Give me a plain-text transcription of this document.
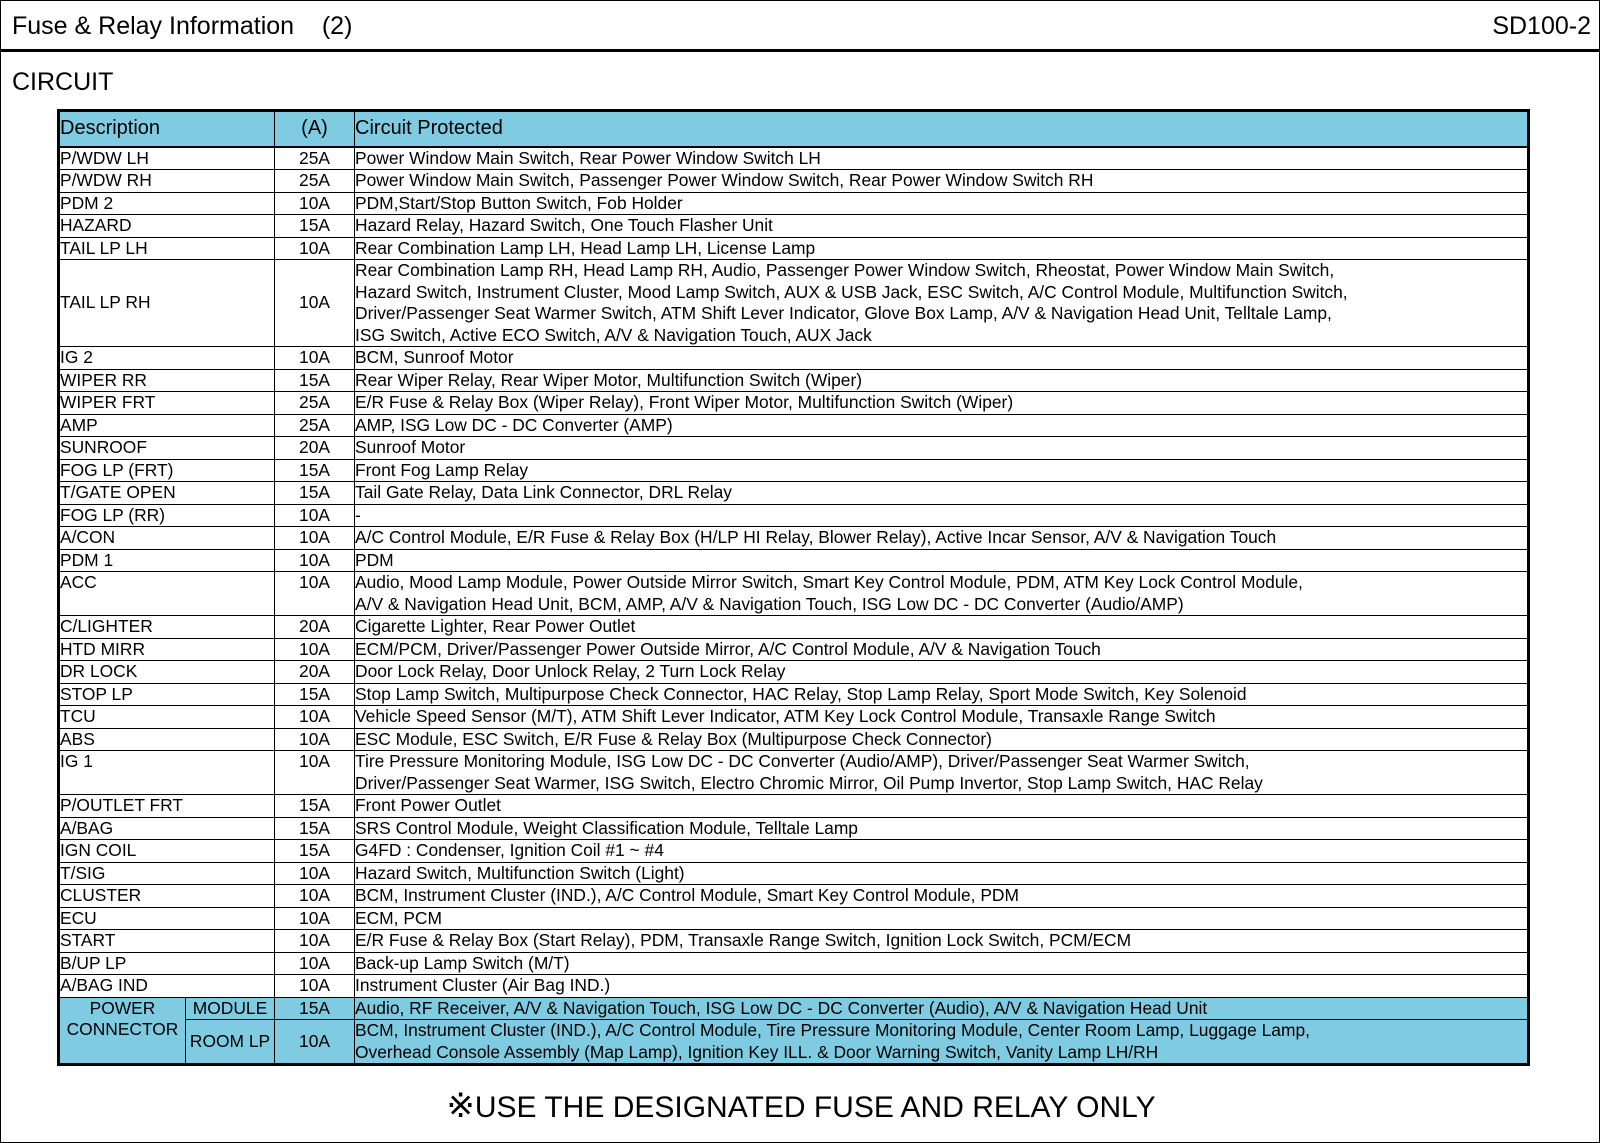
Fuse & Relay Information    (2)	SD100-2
CIRCUIT
Description		(A)	Circuit Protected
P/WDW LH		25A	Power Window Main Switch, Rear Power Window Switch LH

P/WDW RH		25A	Power Window Main Switch, Passenger Power Window Switch, Rear Power Window Switch RH

PDM 2		10A	PDM,Start/Stop Button Switch, Fob Holder

HAZARD		15A	Hazard Relay, Hazard Switch, One Touch Flasher Unit

TAIL LP LH		10A	Rear Combination Lamp LH, Head Lamp LH, License Lamp

TAIL LP RH		10A	Rear Combination Lamp RH, Head Lamp RH, Audio, Passenger Power Window Switch, Rheostat, Power Window Main Switch,
Hazard Switch, Instrument Cluster, Mood Lamp Switch, AUX & USB Jack, ESC Switch, A/C Control Module, Multifunction Switch,
Driver/Passenger Seat Warmer Switch, ATM Shift Lever Indicator, Glove Box Lamp, A/V & Navigation Head Unit, Telltale Lamp,
ISG Switch, Active ECO Switch, A/V & Navigation Touch, AUX Jack

IG 2		10A	BCM, Sunroof Motor

WIPER RR		15A	Rear Wiper Relay, Rear Wiper Motor, Multifunction Switch (Wiper)

WIPER FRT		25A	E/R Fuse & Relay Box (Wiper Relay), Front Wiper Motor, Multifunction Switch (Wiper)

AMP		25A	AMP, ISG Low DC - DC Converter (AMP)

SUNROOF		20A	Sunroof Motor

FOG LP (FRT)		15A	Front Fog Lamp Relay

T/GATE OPEN		15A	Tail Gate Relay, Data Link Connector, DRL Relay

FOG LP (RR)		10A	-

A/CON		10A	A/C Control Module, E/R Fuse & Relay Box (H/LP HI Relay, Blower Relay), Active Incar Sensor, A/V & Navigation Touch

PDM 1		10A	PDM

ACC		10A	Audio, Mood Lamp Module, Power Outside Mirror Switch, Smart Key Control Module, PDM, ATM Key Lock Control Module,
A/V & Navigation Head Unit, BCM, AMP, A/V & Navigation Touch, ISG Low DC - DC Converter (Audio/AMP)

C/LIGHTER		20A	Cigarette Lighter, Rear Power Outlet

HTD MIRR		10A	ECM/PCM, Driver/Passenger Power Outside Mirror, A/C Control Module, A/V & Navigation Touch

DR LOCK		20A	Door Lock Relay, Door Unlock Relay, 2 Turn Lock Relay

STOP LP		15A	Stop Lamp Switch, Multipurpose Check Connector, HAC Relay, Stop Lamp Relay, Sport Mode Switch, Key Solenoid

TCU		10A	Vehicle Speed Sensor (M/T), ATM Shift Lever Indicator, ATM Key Lock Control Module, Transaxle Range Switch

ABS		10A	ESC Module, ESC Switch, E/R Fuse & Relay Box (Multipurpose Check Connector)

IG 1		10A	Tire Pressure Monitoring Module, ISG Low DC - DC Converter (Audio/AMP), Driver/Passenger Seat Warmer Switch,
Driver/Passenger Seat Warmer, ISG Switch, Electro Chromic Mirror, Oil Pump Invertor, Stop Lamp Switch, HAC Relay

P/OUTLET FRT		15A	Front Power Outlet

A/BAG		15A	SRS Control Module, Weight Classification Module, Telltale Lamp

IGN COIL		15A	G4FD : Condenser, Ignition Coil #1 ~ #4

T/SIG		10A	Hazard Switch, Multifunction Switch (Light)

CLUSTER		10A	BCM, Instrument Cluster (IND.), A/C Control Module, Smart Key Control Module, PDM

ECU		10A	ECM, PCM

START		10A	E/R Fuse & Relay Box (Start Relay), PDM, Transaxle Range Switch, Ignition Lock Switch, PCM/ECM

B/UP LP		10A	Back-up Lamp Switch (M/T)

A/BAG IND		10A	Instrument Cluster (Air Bag IND.)

POWER
CONNECTOR	MODULE	15A	Audio, RF Receiver, A/V & Navigation Touch, ISG Low DC - DC Converter (Audio), A/V & Navigation Head Unit

	ROOM LP	10A	BCM, Instrument Cluster (IND.), A/C Control Module, Tire Pressure Monitoring Module, Center Room Lamp, Luggage Lamp,
Overhead Console Assembly (Map Lamp), Ignition Key ILL. & Door Warning Switch, Vanity Lamp LH/RH
※USE THE DESIGNATED FUSE AND RELAY ONLY
